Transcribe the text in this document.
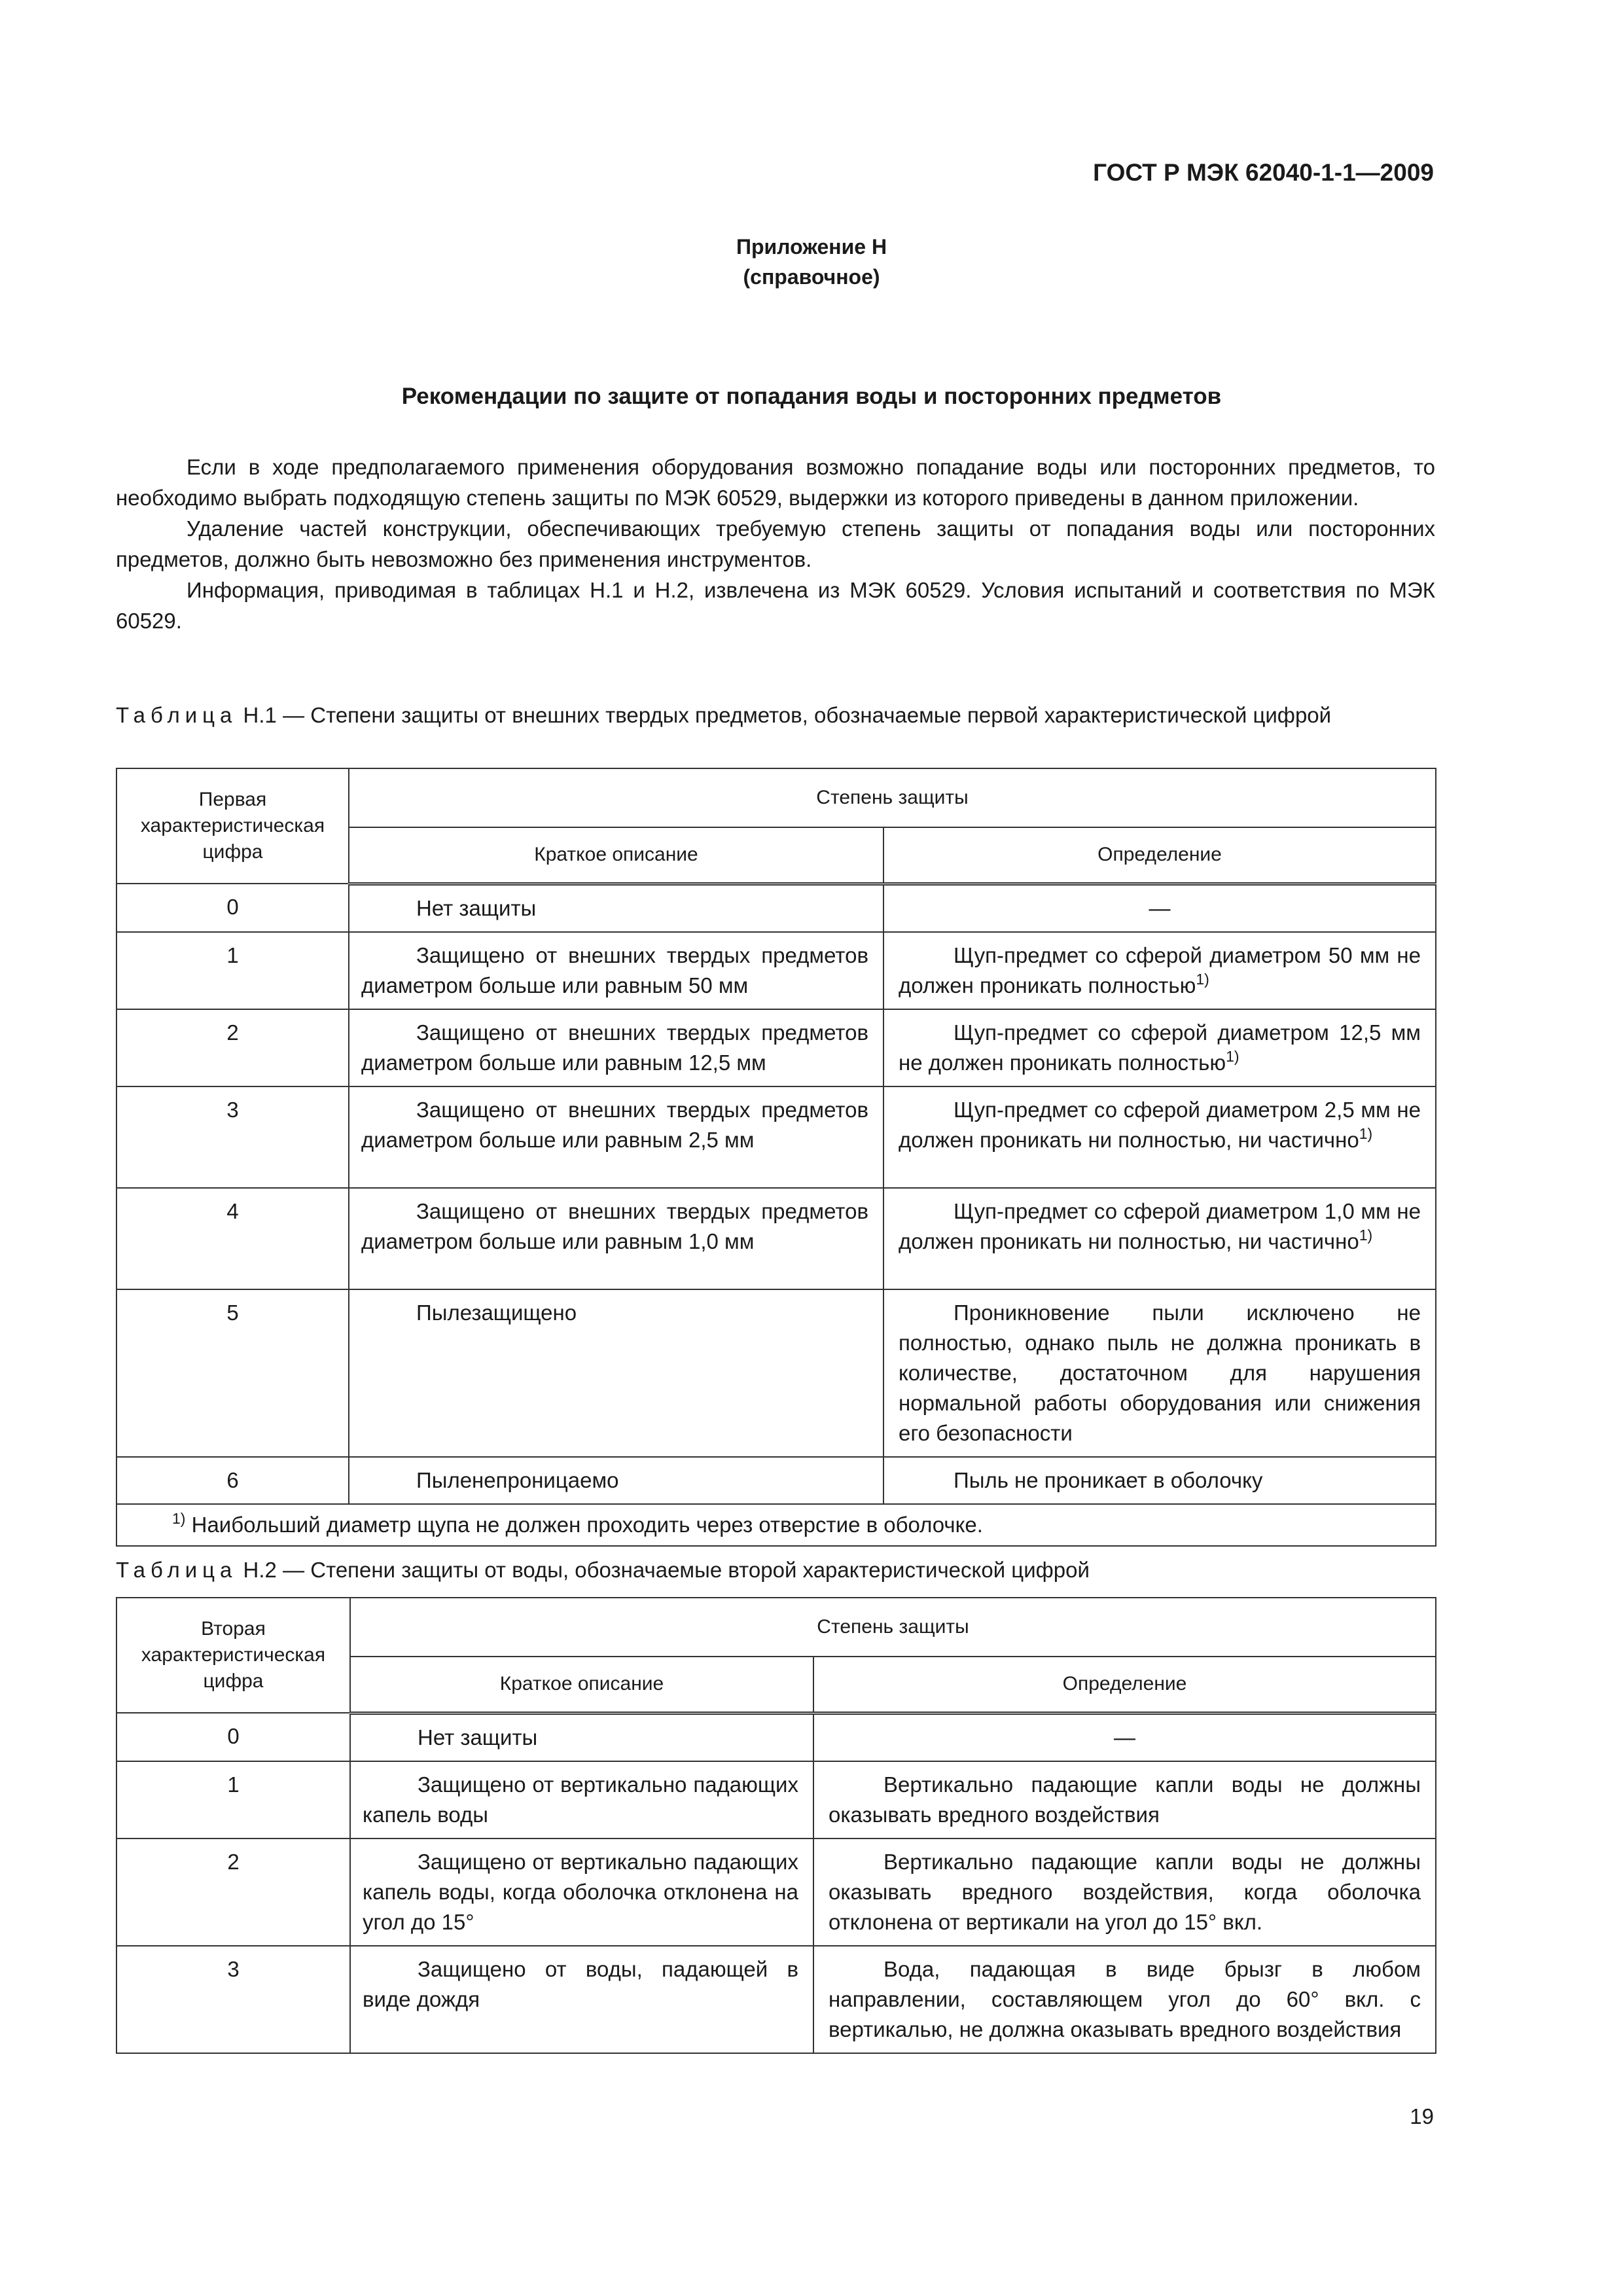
ГОСТ Р МЭК 62040-1-1—2009
Приложение Н
(справочное)
Рекомендации по защите от попадания воды и посторонних предметов

Если в ходе предполагаемого применения оборудования возможно попадание воды или посторонних предметов, то необходимо выбрать подходящую степень защиты по МЭК 60529, выдержки из которого приведены в данном приложении.

Удаление частей конструкции, обеспечивающих требуемую степень защиты от попадания воды или посторонних предметов, должно быть невозможно без применения инструментов.

Информация, приводимая в таблицах Н.1 и Н.2, извлечена из МЭК 60529. Условия испытаний и соответствия по МЭК 60529.

Таблица Н.1 — Степени защиты от внешних твердых предметов, обозначаемые первой характеристической цифрой
Первая характеристическая цифра	Степень защиты	
	Краткое описание	Определение
0	Нет защиты	—
1	Защищено от внешних твердых предметов диаметром больше или равным 50 мм	Щуп-предмет со сферой диаметром 50 мм не должен проникать полностью$^{1)}$
2	Защищено от внешних твердых предметов диаметром больше или равным 12,5 мм	Щуп-предмет со сферой диаметром 12,5 мм не должен проникать полностью$^{1)}$
3	Защищено от внешних твердых предметов диаметром больше или равным 2,5 мм	Щуп-предмет со сферой диаметром 2,5 мм не должен проникать ни полностью, ни частично$^{1)}$
4	Защищено от внешних твердых предметов диаметром больше или равным 1,0 мм	Щуп-предмет со сферой диаметром 1,0 мм не должен проникать ни полностью, ни частично$^{1)}$
5	Пылезащищено	Проникновение пыли исключено не полностью, однако пыль не должна проникать в количестве, достаточном для нарушения нормальной работы оборудования или снижения его безопасности
6	Пыленепроницаемо	Пыль не проникает в оболочку
$^{1)}$ Наибольший диаметр щупа не должен проходить через отверстие в оболочке.		
Таблица Н.2 — Степени защиты от воды, обозначаемые второй характеристической цифрой
Вторая характеристическая цифра	Степень защиты	
	Краткое описание	Определение
0	Нет защиты	—
1	Защищено от вертикально падающих капель воды	Вертикально падающие капли воды не должны оказывать вредного воздействия
2	Защищено от вертикально падающих капель воды, когда оболочка отклонена на угол до 15°	Вертикально падающие капли воды не должны оказывать вредного воздействия, когда оболочка отклонена от вертикали на угол до 15° вкл.
3	Защищено от воды, падающей в виде дождя	Вода, падающая в виде брызг в любом направлении, составляющем угол до 60° вкл. с вертикалью, не должна оказывать вредного воздействия
19
